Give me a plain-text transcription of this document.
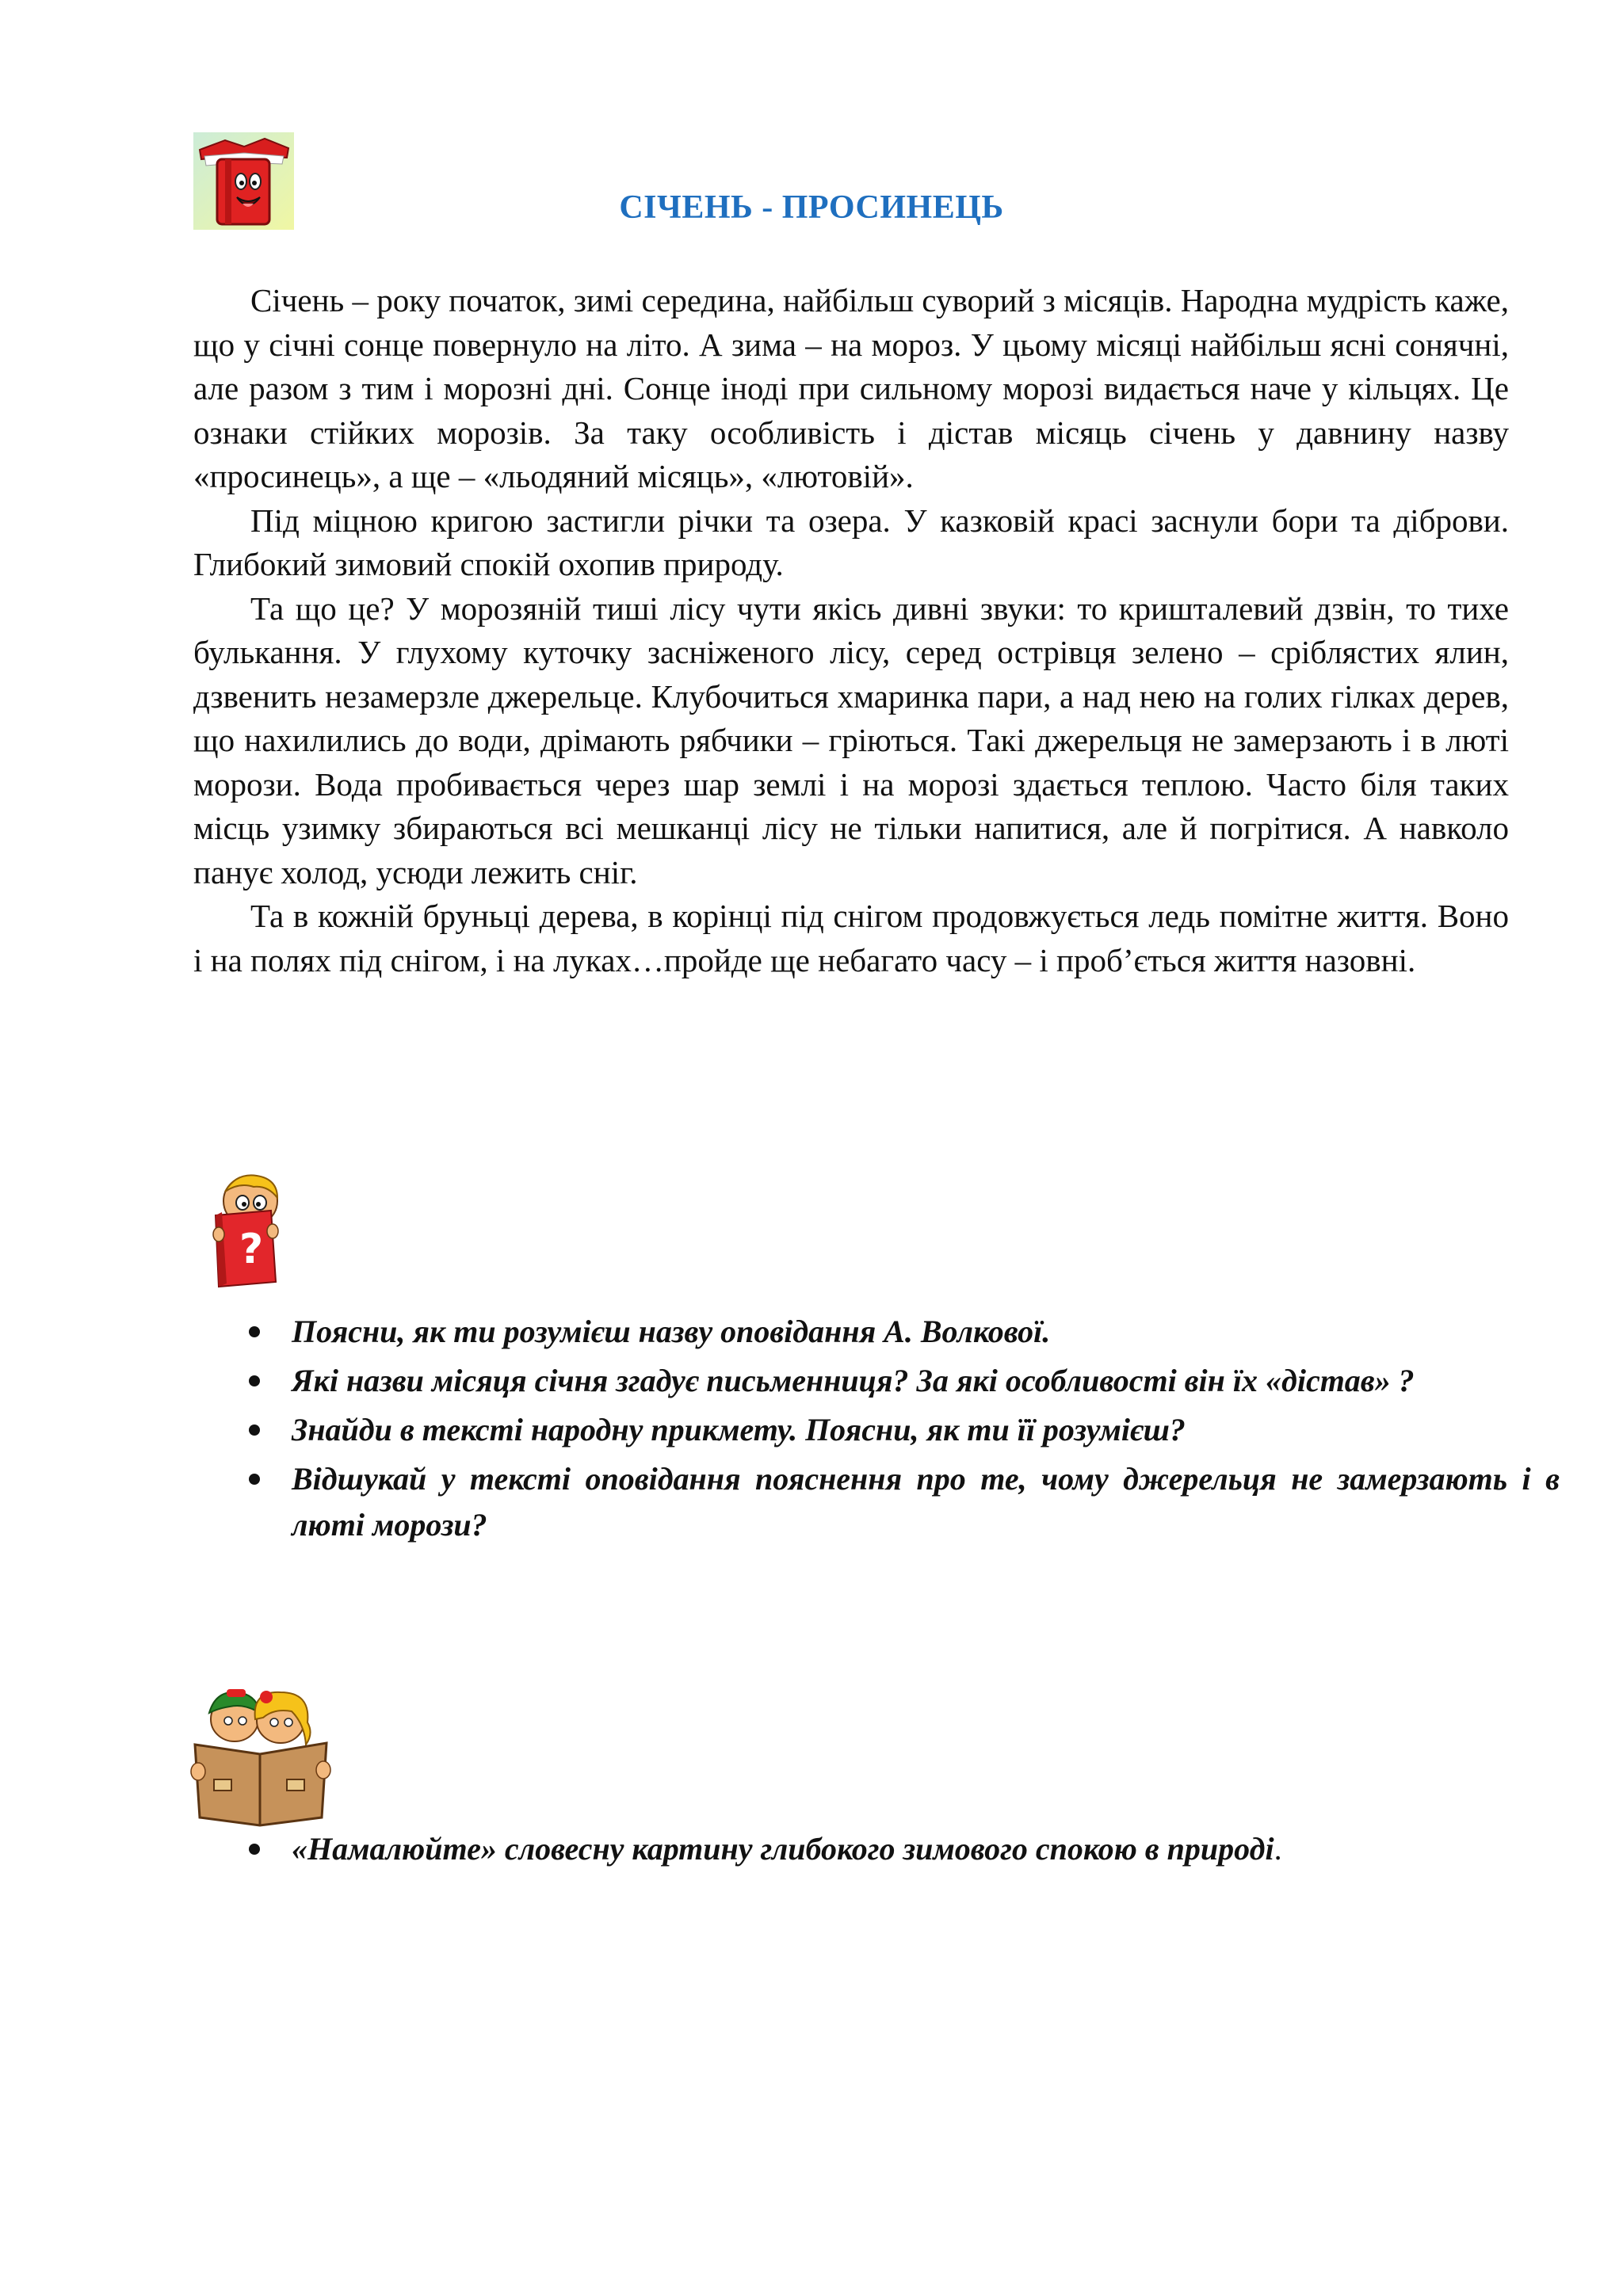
СІЧЕНЬ - ПРОСИНЕЦЬ

Січень – року початок, зимі середина, найбільш суворий з місяців. Народна мудрість каже, що у січні сонце повернуло на літо. А зима – на мороз. У цьому місяці найбільш ясні сонячні, але разом з тим і морозні дні. Сонце іноді при сильному морозі видається наче у кільцях. Це ознаки стійких морозів. За таку особливість і дістав місяць січень у давнину назву «просинець», а ще – «льодяний місяць», «лютовій».

Під міцною кригою застигли річки та озера. У казковій красі заснули бори та діброви. Глибокий зимовий спокій охопив природу.

Та що це? У морозяній тиші лісу чути якісь дивні звуки: то кришталевий дзвін, то тихе булькання. У глухому куточку засніженого лісу, серед острівця зелено – сріблястих ялин, дзвенить незамерзле джерельце. Клубочиться хмаринка пари, а над нею на голих гілках дерев, що нахилились до води, дрімають рябчики – гріються. Такі джерельця не замерзають і в люті морози. Вода пробивається через шар землі і на морозі здається теплою. Часто біля таких місць узимку збираються всі мешканці лісу не тільки напитися, але й погрітися. А навколо панує холод, усюди лежить сніг.

Та в кожній бруньці дерева, в корінці під снігом продовжується ледь помітне життя. Воно і на полях під снігом, і на луках…пройде ще небагато часу – і проб’ється життя назовні.

?
Поясни, як ти розумієш назву оповідання А. Волкової.
Які назви місяця січня згадує письменниця? За які особливості він їх «дістав» ?
Знайди в тексті народну прикмету. Поясни, як ти її розумієш?
Відшукай у тексті оповідання пояснення про те, чому джерельця не замерзають і в люті морози?
«Намалюйте» словесну картину глибокого зимового спокою в природі.
